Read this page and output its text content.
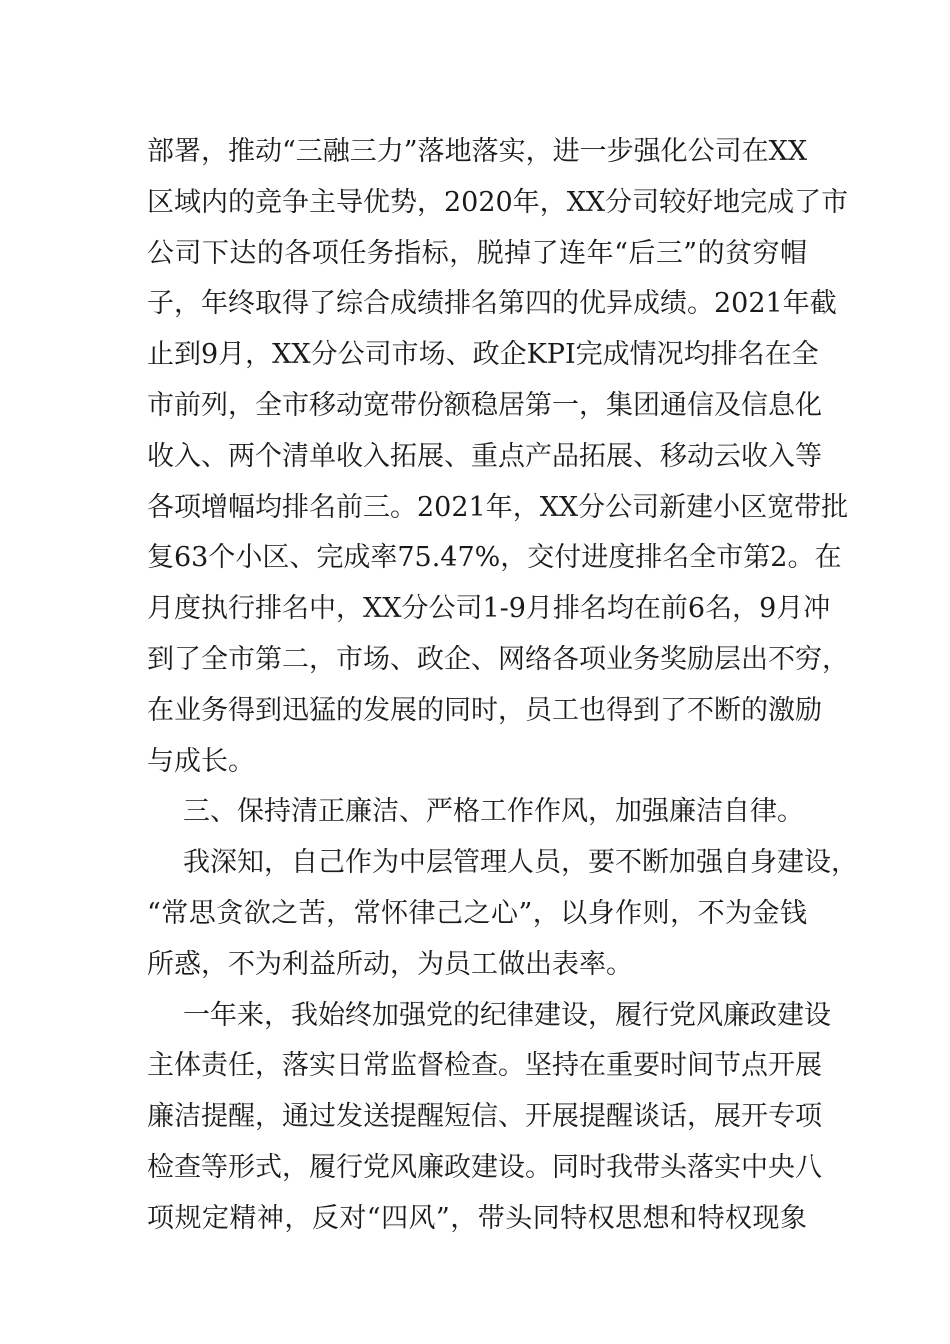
部署，推动“三融三力”落地落实，进一步强化公司在XX
区域内的竞争主导优势，2020年，XX分司较好地完成了市
公司下达的各项任务指标，脱掉了连年“后三”的贫穷帽
子，年终取得了综合成绩排名第四的优异成绩。2021年截
止到9月，XX分公司市场、政企KPI完成情况均排名在全
市前列，全市移动宽带份额稳居第一，集团通信及信息化
收入、两个清单收入拓展、重点产品拓展、移动云收入等
各项增幅均排名前三。2021年，XX分公司新建小区宽带批
复63个小区、完成率75.47%，交付进度排名全市第2。在
月度执行排名中，XX分公司1-9月排名均在前6名，9月冲
到了全市第二，市场、政企、网络各项业务奖励层出不穷，
在业务得到迅猛的发展的同时，员工也得到了不断的激励
与成长。
三、保持清正廉洁、严格工作作风，加强廉洁自律。
我深知，自己作为中层管理人员，要不断加强自身建设，
“常思贪欲之苦，常怀律己之心”，以身作则，不为金钱
所惑，不为利益所动，为员工做出表率。
一年来，我始终加强党的纪律建设，履行党风廉政建设
主体责任，落实日常监督检查。坚持在重要时间节点开展
廉洁提醒，通过发送提醒短信、开展提醒谈话，展开专项
检查等形式，履行党风廉政建设。同时我带头落实中央八
项规定精神，反对“四风”，带头同特权思想和特权现象
